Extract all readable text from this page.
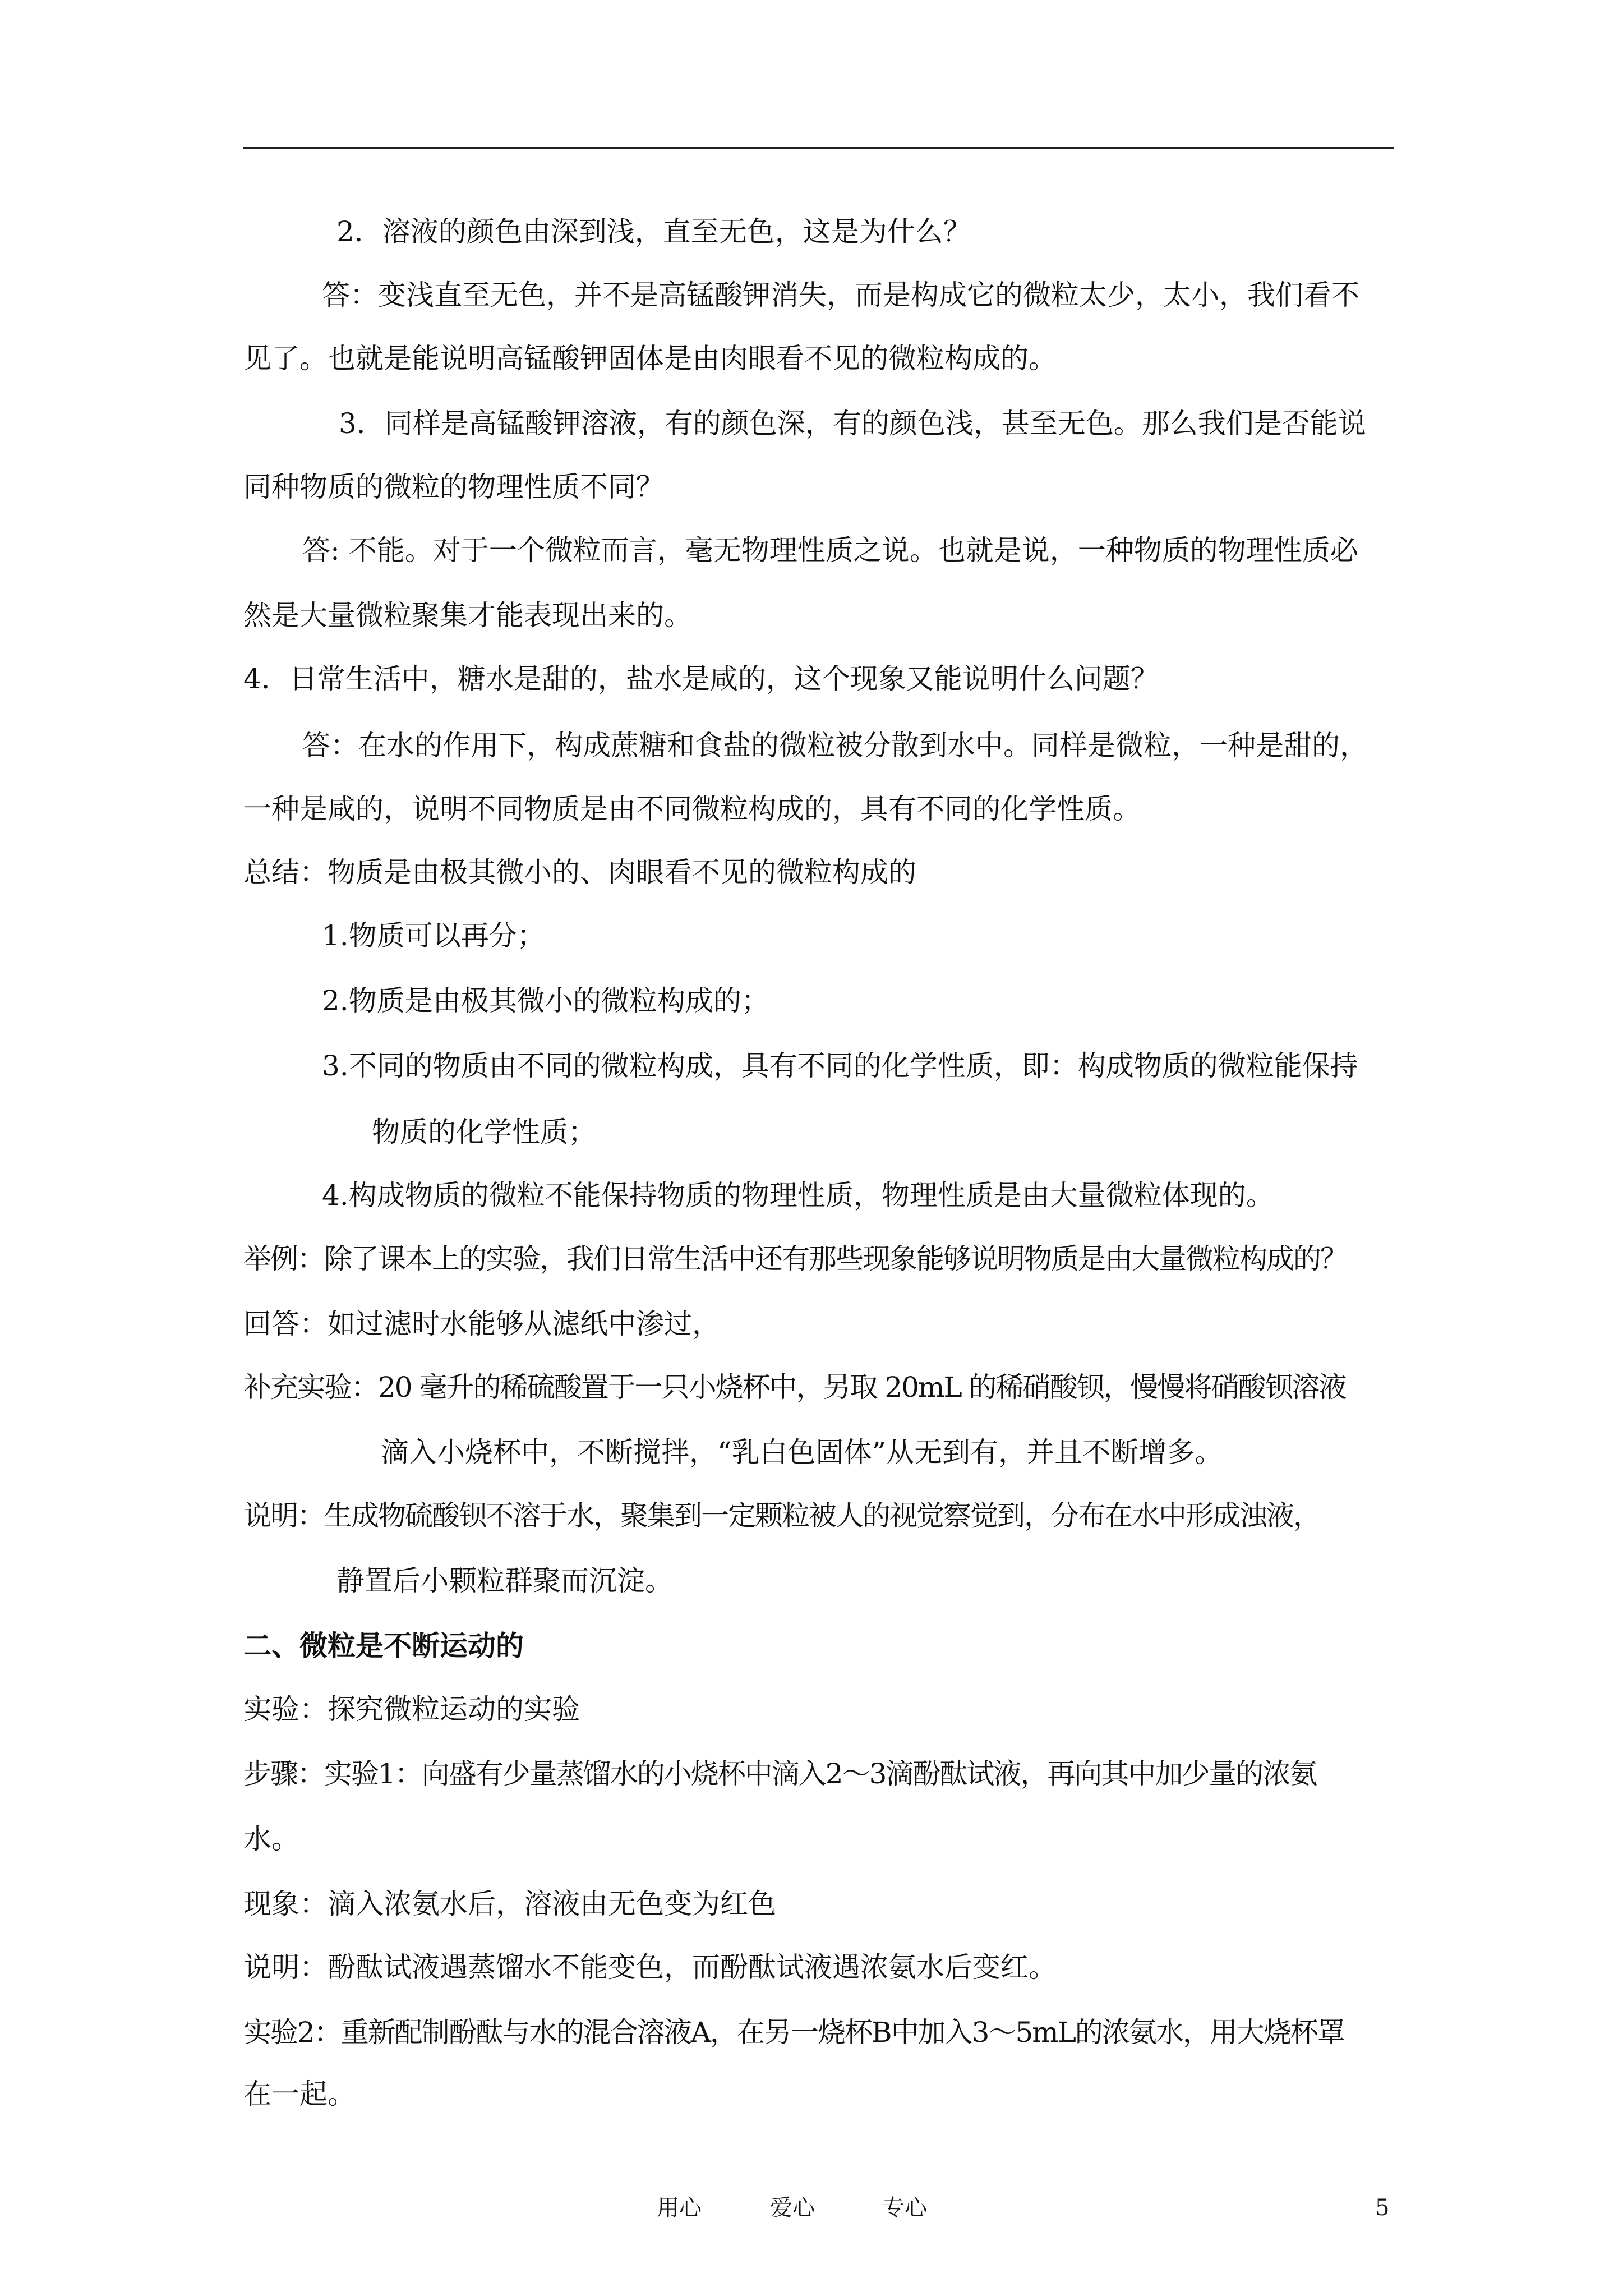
2．溶液的颜色由深到浅，直至无色，这是为什么？
答：变浅直至无色，并不是高锰酸钾消失，而是构成它的微粒太少，太小，我们看不
见了。也就是能说明高锰酸钾固体是由肉眼看不见的微粒构成的。
3．同样是高锰酸钾溶液，有的颜色深，有的颜色浅，甚至无色。那么我们是否能说
同种物质的微粒的物理性质不同？
答: 不能。对于一个微粒而言，毫无物理性质之说。也就是说，一种物质的物理性质必
然是大量微粒聚集才能表现出来的。
4．日常生活中，糖水是甜的，盐水是咸的，这个现象又能说明什么问题？
答：在水的作用下，构成蔗糖和食盐的微粒被分散到水中。同样是微粒，一种是甜的，
一种是咸的，说明不同物质是由不同微粒构成的，具有不同的化学性质。
总结：物质是由极其微小的、肉眼看不见的微粒构成的
1.物质可以再分；
2.物质是由极其微小的微粒构成的；
3.不同的物质由不同的微粒构成，具有不同的化学性质，即：构成物质的微粒能保持
物质的化学性质；
4.构成物质的微粒不能保持物质的物理性质，物理性质是由大量微粒体现的。
举例：除了课本上的实验，我们日常生活中还有那些现象能够说明物质是由大量微粒构成的？
回答：如过滤时水能够从滤纸中渗过，
补充实验：20 毫升的稀硫酸置于一只小烧杯中，另取 20mL 的稀硝酸钡，慢慢将硝酸钡溶液
滴入小烧杯中，不断搅拌，“乳白色固体”从无到有，并且不断增多。
说明：生成物硫酸钡不溶于水，聚集到一定颗粒被人的视觉察觉到，分布在水中形成浊液，
静置后小颗粒群聚而沉淀。
二、微粒是不断运动的
实验：探究微粒运动的实验
步骤：实验1：向盛有少量蒸馏水的小烧杯中滴入2～3滴酚酞试液，再向其中加少量的浓氨
水。
现象：滴入浓氨水后，溶液由无色变为红色
说明：酚酞试液遇蒸馏水不能变色，而酚酞试液遇浓氨水后变红。
实验2：重新配制酚酞与水的混合溶液A，在另一烧杯B中加入3～5mL的浓氨水，用大烧杯罩
在一起。
用心	爱心	专心	5
